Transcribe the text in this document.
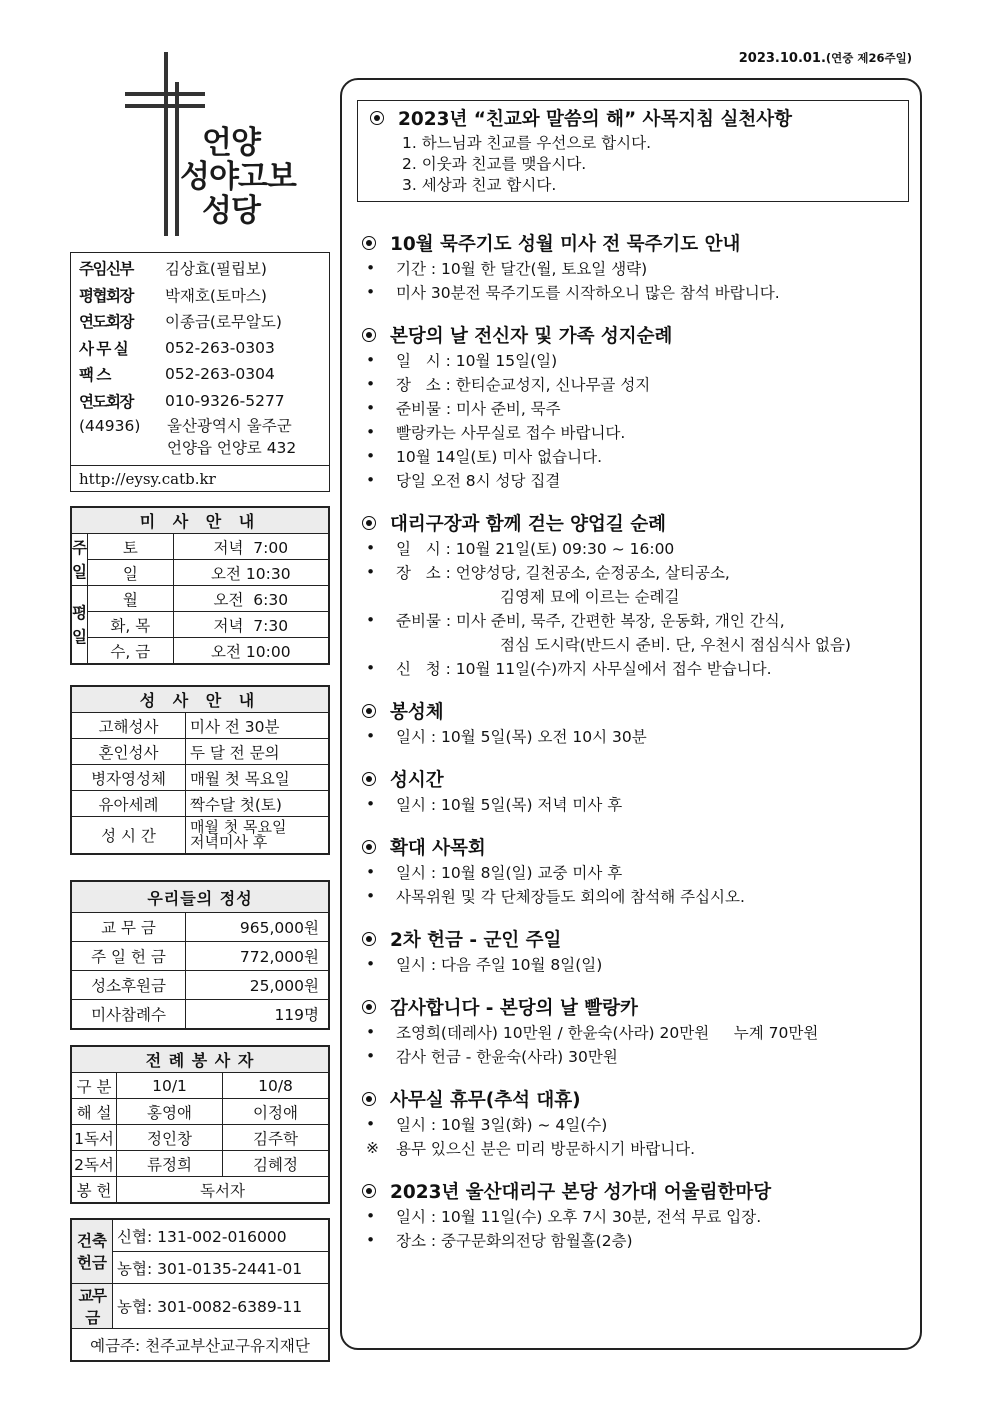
2023.10.01.(연중 제26주일)
언양
성야고보
성당
주임신부	김상효(필립보)
평협회장	박재호(토마스)
연도회장	이종금(로무알도)
사 무 실	052-263-0303
팩 스	052-263-0304
연도회장	010-9326-5277
(44936)	울산광역시 울주군
언양읍 언양로 432
http://eysy.catb.kr
미 사 안 내		
주일	토	저녁  7:00
	일	오전 10:30
평일	월	오전  6:30
	화, 목	저녁  7:30
	수, 금	오전 10:00
성 사 안 내	
고해성사	미사 전 30분
혼인성사	두 달 전 문의
병자영성체	매월 첫 목요일
유아세례	짝수달 첫(토)
성 시 간	매월 첫 목요일
저녁미사 후
우리들의 정성	
교 무 금	965,000원
주 일 헌 금	772,000원
성소후원금	25,000원
미사참례수	119명
전 례 봉 사 자		
구 분	10/1	10/8
해 설	홍영애	이정애
1독서	정인창	김주학
2독서	류정희	김혜정
봉 헌	독서자	
건축헌금	신협: 131-002-016000
	농협: 301-0135-2441-01
교무금	농협: 301-0082-6389-11
예금주: 천주교부산교구유지재단	
2023년 “친교와 말씀의 해” 사목지침 실천사항
1. 하느님과 친교를 우선으로 합시다.
2. 이웃과 친교를 맺읍시다.
3. 세상과 친교 합시다.
10월 묵주기도 성월 미사 전 묵주기도 안내
•	기간 : 10월 한 달간(월, 토요일 생략)
•	미사 30분전 묵주기도를 시작하오니 많은 참석 바랍니다.
본당의 날 전신자 및 가족 성지순례
•	일   시 : 10월 15일(일)
•	장   소 : 한티순교성지, 신나무골 성지
•	준비물 : 미사 준비, 묵주
•	빨랑카는 사무실로 접수 바랍니다.
•	10월 14일(토) 미사 없습니다.
•	당일 오전 8시 성당 집결
대리구장과 함께 걷는 양업길 순례
•	일   시 : 10월 21일(토) 09:30 ~ 16:00
•	장   소 : 언양성당, 길천공소, 순정공소, 살티공소,
김영제 묘에 이르는 순례길
•	준비물 : 미사 준비, 묵주, 간편한 복장, 운동화, 개인 간식,
점심 도시락(반드시 준비. 단, 우천시 점심식사 없음)
•	신   청 : 10월 11일(수)까지 사무실에서 접수 받습니다.
봉성체
•	일시 : 10월 5일(목) 오전 10시 30분
성시간
•	일시 : 10월 5일(목) 저녁 미사 후
확대 사목회
•	일시 : 10월 8일(일) 교중 미사 후
•	사목위원 및 각 단체장들도 회의에 참석해 주십시오.
2차 헌금 - 군인 주일
•	일시 : 다음 주일 10월 8일(일)
감사합니다 - 본당의 날 빨랑카
•	조영희(데레사) 10만원 / 한윤숙(사라) 20만원     누계 70만원
•	감사 헌금 - 한윤숙(사라) 30만원
사무실 휴무(추석 대휴)
•	일시 : 10월 3일(화) ~ 4일(수)
※	용무 있으신 분은 미리 방문하시기 바랍니다.
2023년 울산대리구 본당 성가대 어울림한마당
•	일시 : 10월 11일(수) 오후 7시 30분, 전석 무료 입장.
•	장소 : 중구문화의전당 함월홀(2층)
